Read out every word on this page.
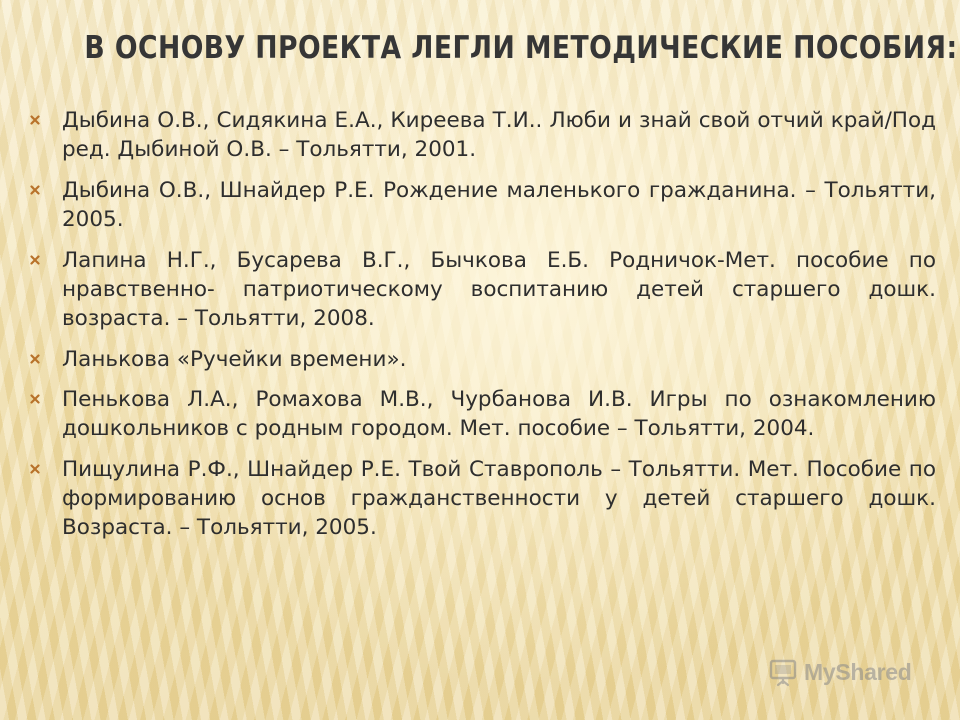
В ОСНОВУ ПРОЕКТА ЛЕГЛИ МЕТОДИЧЕСКИЕ ПОСОБИЯ:
Дыбина О.В., Сидякина Е.А., Киреева Т.И.. Люби и знай свой отчий край/Под ред. Дыбиной О.В. – Тольятти, 2001.
Дыбина О.В., Шнайдер Р.Е. Рождение маленького гражданина. – Тольятти, 2005.
Лапина Н.Г., Бусарева В.Г., Бычкова Е.Б. Родничок-Мет. пособие по нравственно- патриотическому воспитанию детей старшего дошк. возраста. – Тольятти, 2008.
Ланькова «Ручейки времени».
Пенькова Л.А., Ромахова М.В., Чурбанова И.В. Игры по ознакомлению дошкольников с родным городом. Мет. пособие – Тольятти, 2004.
Пищулина Р.Ф., Шнайдер Р.Е. Твой Ставрополь – Тольятти. Мет. Пособие по формированию основ гражданственности у детей старшего дошк. Возраста. – Тольятти, 2005.
MyShared
